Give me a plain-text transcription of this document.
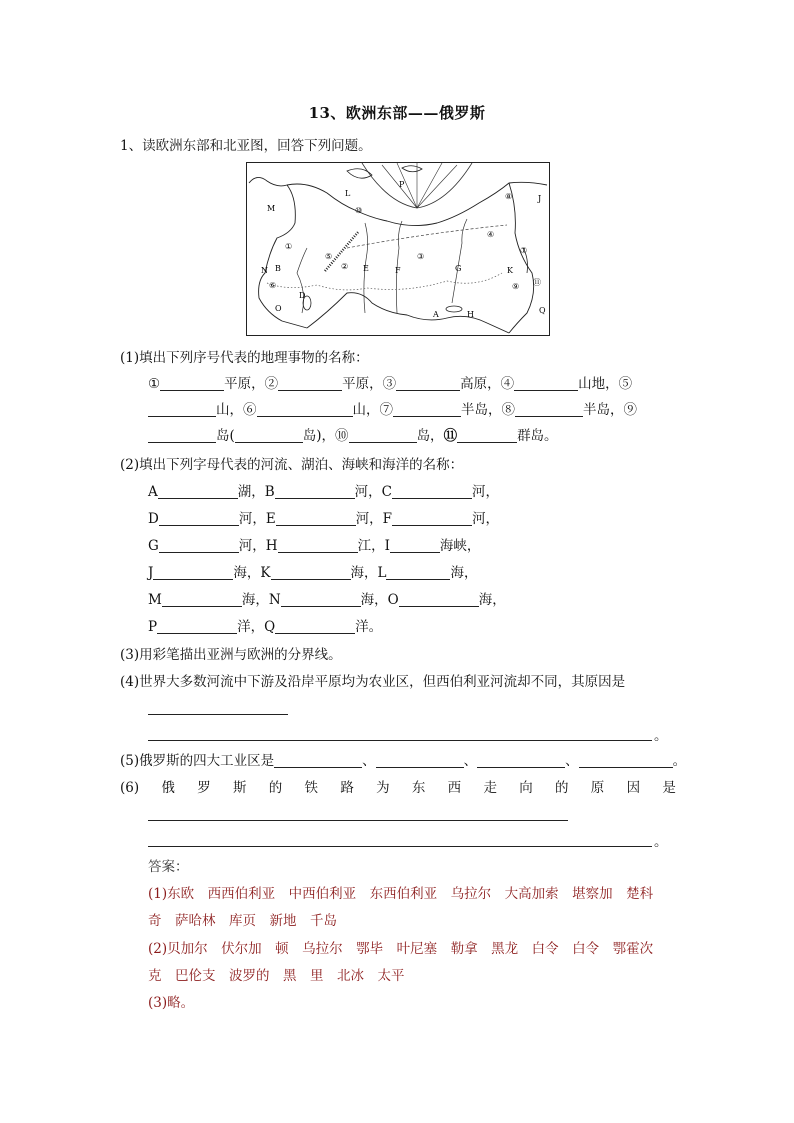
13、欧洲东部——俄罗斯
1、读欧洲东部和北亚图，回答下列问题。
P
L
J
M
B
N
O
D
E	F	G	K
A	H	Q
①
②
③
④
⑤
⑥
⑦
⑧
⑨
⑩
⑪
(1)填出下列序号代表的地理事物的名称：
①	平原，②	平原，③	高原，④	山地，⑤
山，⑥	山，⑦	半岛，⑧	半岛，⑨
岛(	岛)，⑩	岛，⑪	群岛。
(2)填出下列字母代表的河流、湖泊、海峡和海洋的名称：
A	湖，B	河，C	河，
D	河，E	河，F	河，
G	河，H	江，I	海峡，
J	海，K	海，L	海，
M	海，N	海，O	海，
P	洋，Q	洋。
(3)用彩笔描出亚洲与欧洲的分界线。
(4)世界大多数河流中下游及沿岸平原均为农业区，但西伯利亚河流却不同，其原因是
。
(5)俄罗斯的四大工业区是	、	、	、	。
(6) 俄 罗 斯 的 铁 路 为 东 西 走 向 的 原 因 是
。
答案：
(1)东欧　西西伯利亚　中西伯利亚　东西伯利亚　乌拉尔　大高加索　堪察加　楚科
奇　萨哈林　库页　新地　千岛
(2)贝加尔　伏尔加　顿　乌拉尔　鄂毕　叶尼塞　勒拿　黑龙　白令　白令　鄂霍次
克　巴伦支　波罗的　黑　里　北冰　太平
(3)略。
